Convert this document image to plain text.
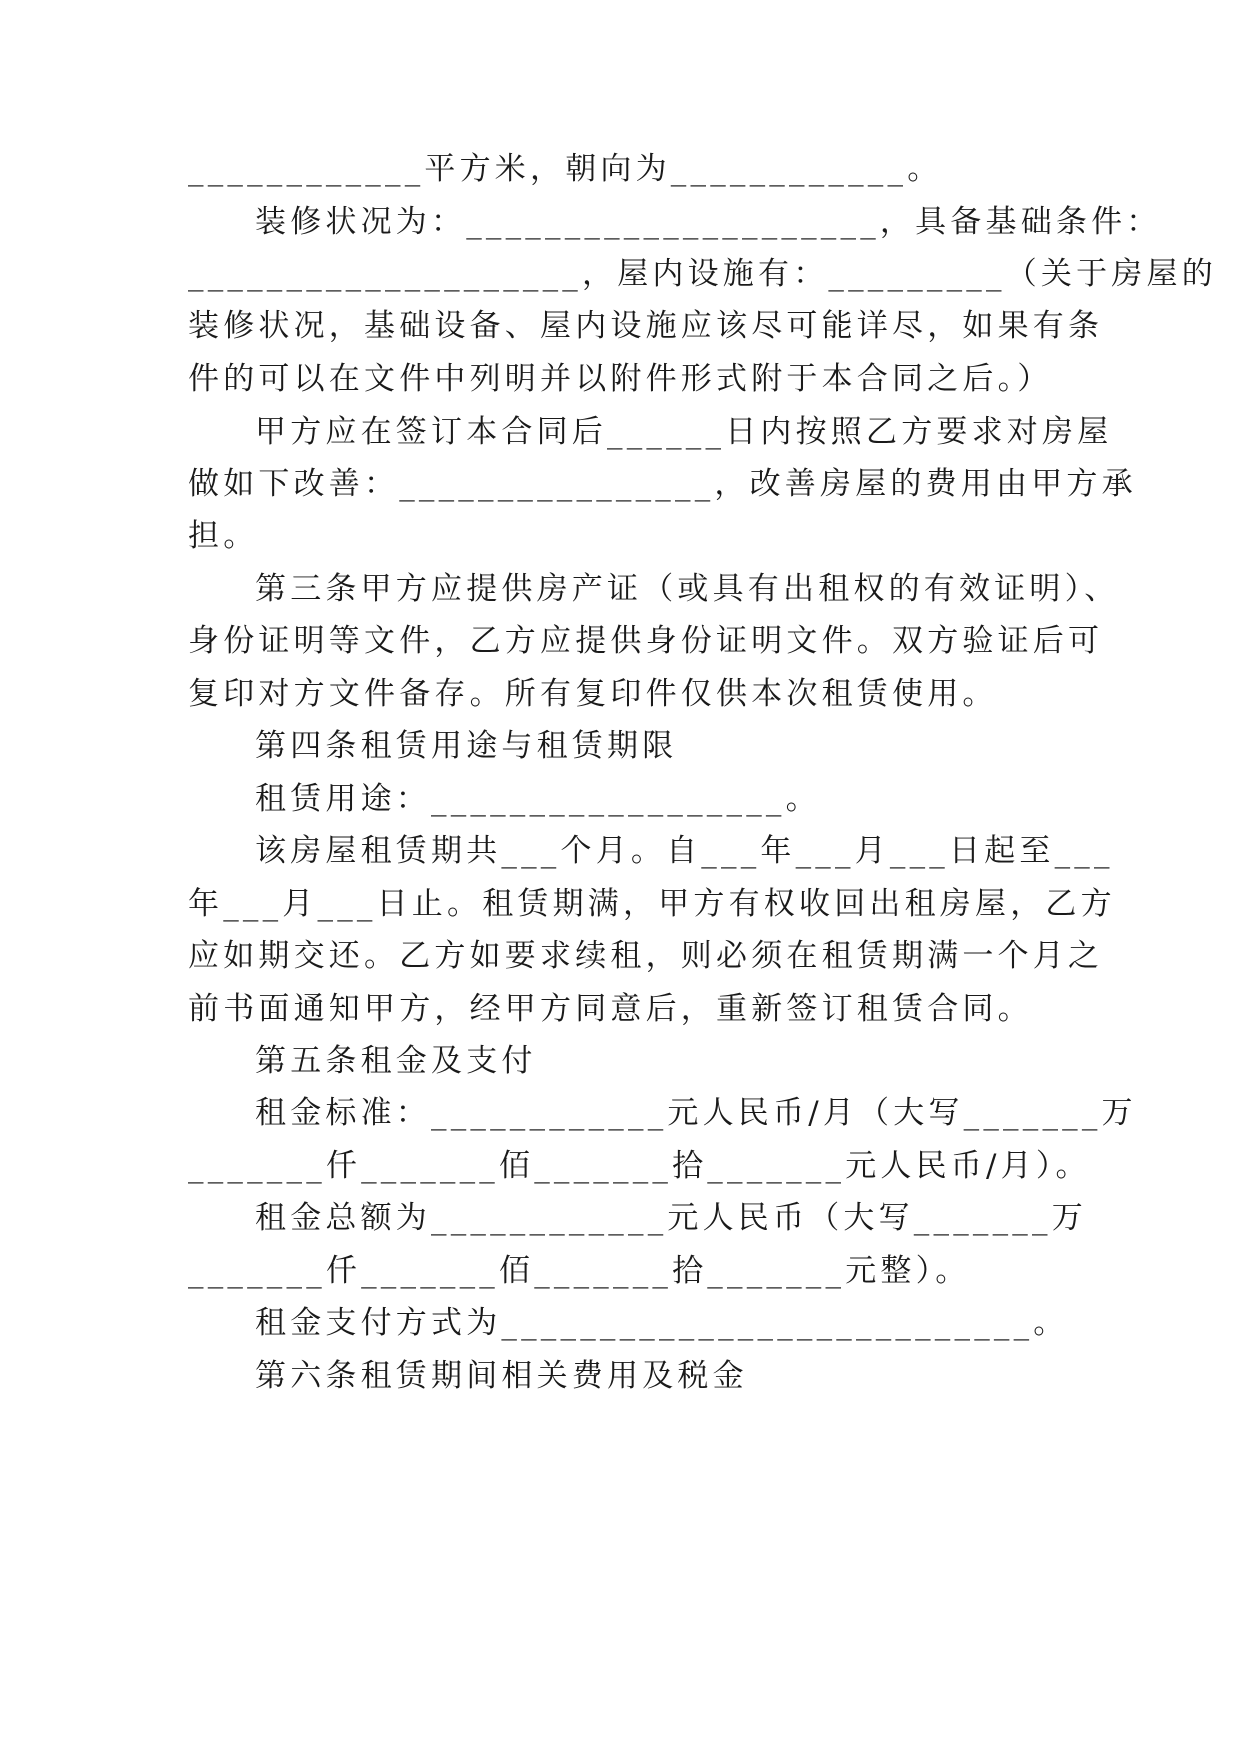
____________平方米，朝向为____________。
装修状况为：_____________________，具备基础条件：
____________________，屋内设施有：_________（关于房屋的
装修状况，基础设备、屋内设施应该尽可能详尽，如果有条
件的可以在文件中列明并以附件形式附于本合同之后。）
甲方应在签订本合同后______日内按照乙方要求对房屋
做如下改善：________________，改善房屋的费用由甲方承
担。
第三条甲方应提供房产证（或具有出租权的有效证明）、
身份证明等文件，乙方应提供身份证明文件。双方验证后可
复印对方文件备存。所有复印件仅供本次租赁使用。
第四条租赁用途与租赁期限
租赁用途：__________________。
该房屋租赁期共___个月。自___年___月___日起至___
年___月___日止。租赁期满，甲方有权收回出租房屋，乙方
应如期交还。乙方如要求续租，则必须在租赁期满一个月之
前书面通知甲方，经甲方同意后，重新签订租赁合同。
第五条租金及支付
租金标准：____________元人民币/月（大写_______万
_______仟_______佰_______拾_______元人民币/月）。
租金总额为____________元人民币（大写_______万
_______仟_______佰_______拾_______元整）。
租金支付方式为___________________________。
第六条租赁期间相关费用及税金
